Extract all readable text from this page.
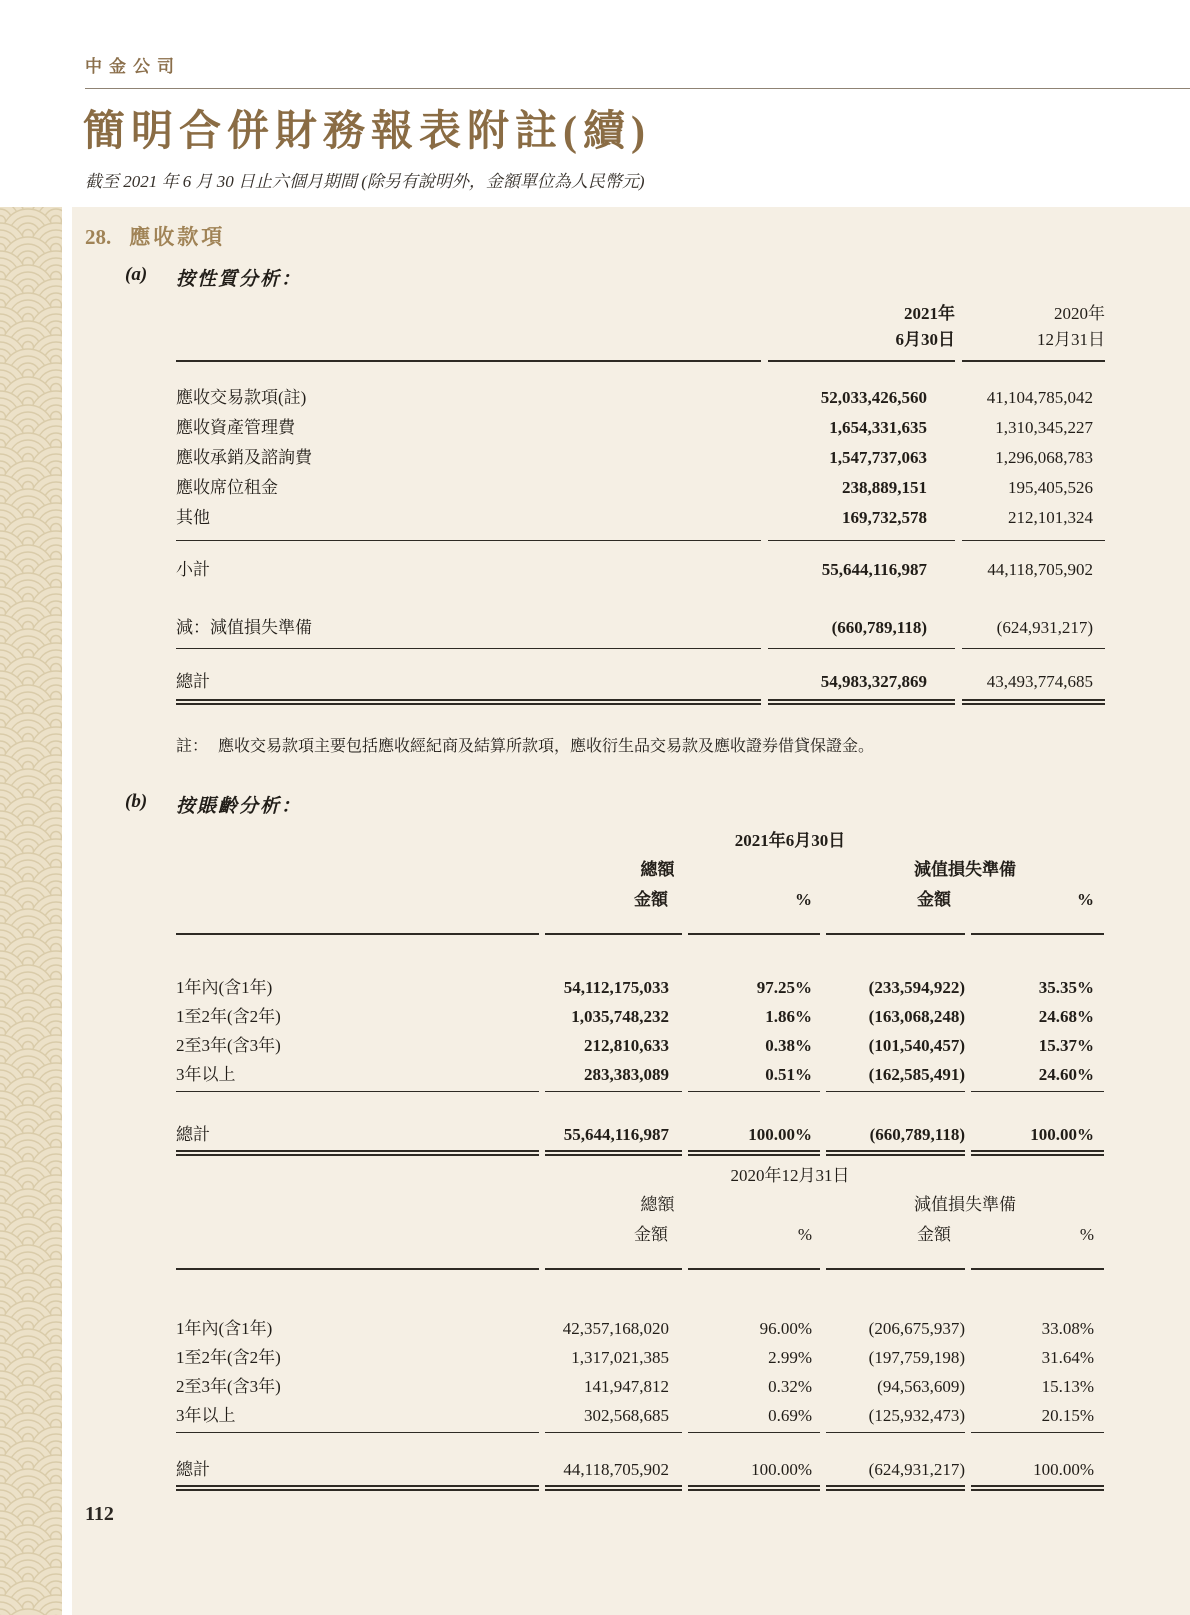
中金公司
簡明合併財務報表附註(續)
截至 2021 年 6 月 30 日止六個月期間 (除另有說明外，金額單位為人民幣元)
28. 應收款項
(a) 按性質分析：
2021年
6月30日
2020年
12月31日
應收交易款項(註)	52,033,426,560	41,104,785,042
應收資產管理費	1,654,331,635	1,310,345,227
應收承銷及諮詢費	1,547,737,063	1,296,068,783
應收席位租金	238,889,151	195,405,526
其他	169,732,578	212,101,324
小計	55,644,116,987	44,118,705,902
減：減值損失準備	(660,789,118)	(624,931,217)
總計	54,983,327,869	43,493,774,685
註： 應收交易款項主要包括應收經紀商及結算所款項，應收衍生品交易款及應收證券借貸保證金。
(b) 按賬齡分析：
2021年6月30日
總額	減值損失準備
金額	%	金額	%
1年內(含1年)	54,112,175,033	97.25%	(233,594,922)	35.35%
1至2年(含2年)	1,035,748,232	1.86%	(163,068,248)	24.68%
2至3年(含3年)	212,810,633	0.38%	(101,540,457)	15.37%
3年以上	283,383,089	0.51%	(162,585,491)	24.60%
總計	55,644,116,987	100.00%	(660,789,118)	100.00%
2020年12月31日
總額	減值損失準備
金額	%	金額	%
1年內(含1年)	42,357,168,020	96.00%	(206,675,937)	33.08%
1至2年(含2年)	1,317,021,385	2.99%	(197,759,198)	31.64%
2至3年(含3年)	141,947,812	0.32%	(94,563,609)	15.13%
3年以上	302,568,685	0.69%	(125,932,473)	20.15%
總計	44,118,705,902	100.00%	(624,931,217)	100.00%
112
